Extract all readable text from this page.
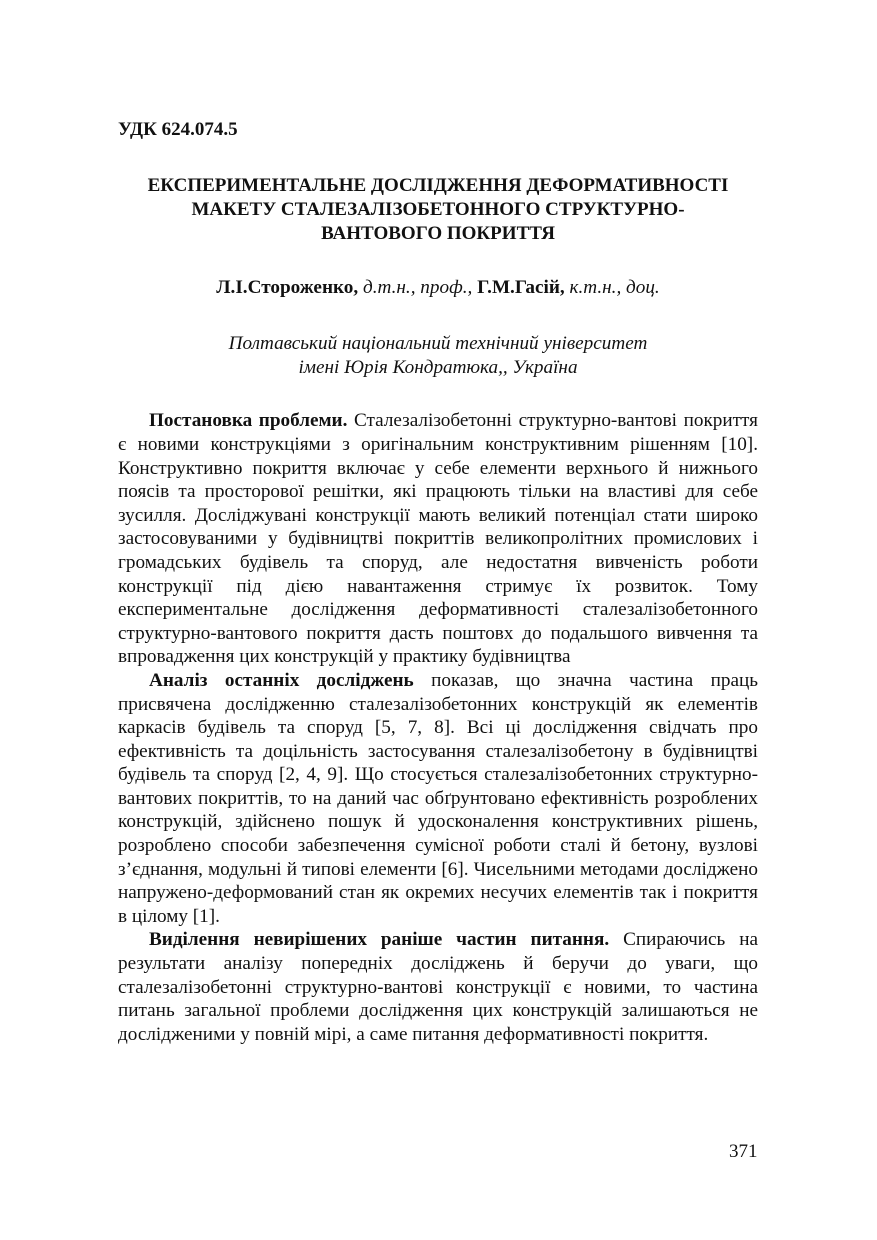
УДК 624.074.5

ЕКСПЕРИМЕНТАЛЬНЕ ДОСЛІДЖЕННЯ ДЕФОРМАТИВНОСТІ
МАКЕТУ СТАЛЕЗАЛІЗОБЕТОННОГО СТРУКТУРНО-
ВАНТОВОГО ПОКРИТТЯ

Л.І.Стороженко, д.т.н., проф., Г.М.Гасій, к.т.н., доц.

Полтавський національний технічний університет
імені Юрія Кондратюка,, Україна

Постановка проблеми. Сталезалізобетонні структурно-вантові покриття є новими конструкціями з оригінальним конструктивним рішенням [10]. Конструктивно покриття включає у себе елементи верхнього й нижнього поясів та просторової решітки, які працюють тільки на властиві для себе зусилля. Досліджувані конструкції мають великий потенціал стати широко застосовуваними у будівництві покриттів великопролітних промислових і громадських будівель та споруд, але недостатня вивченість роботи конструкції під дією навантаження стримує їх розвиток. Тому експериментальне дослідження деформативності сталезалізобетонного структурно-вантового покриття дасть поштовх до подальшого вивчення та впровадження цих конструкцій у практику будівництва

Аналіз останніх досліджень показав, що значна частина праць присвячена дослідженню сталезалізобетонних конструкцій як елементів каркасів будівель та споруд [5, 7, 8]. Всі ці дослідження свідчать про ефективність та доцільність застосування сталезалізобетону в будівництві будівель та споруд [2, 4, 9]. Що стосується сталезалізобетонних структурно-вантових покриттів, то на даний час обґрунтовано ефективність розроблених конструкцій, здійснено пошук й удосконалення конструктивних рішень, розроблено способи забезпечення сумісної роботи сталі й бетону, вузлові з’єднання, модульні й типові елементи [6]. Чисельними методами досліджено напружено-деформований стан як окремих несучих елементів так і покриття в цілому [1].

Виділення невирішених раніше частин питання. Спираючись на результати аналізу попередніх досліджень й беручи до уваги, що сталезалізобетонні структурно-вантові конструкції є новими, то частина питань загальної проблеми дослідження цих конструкцій залишаються не дослідженими у повній мірі, а саме питання деформативності покриття.

371
